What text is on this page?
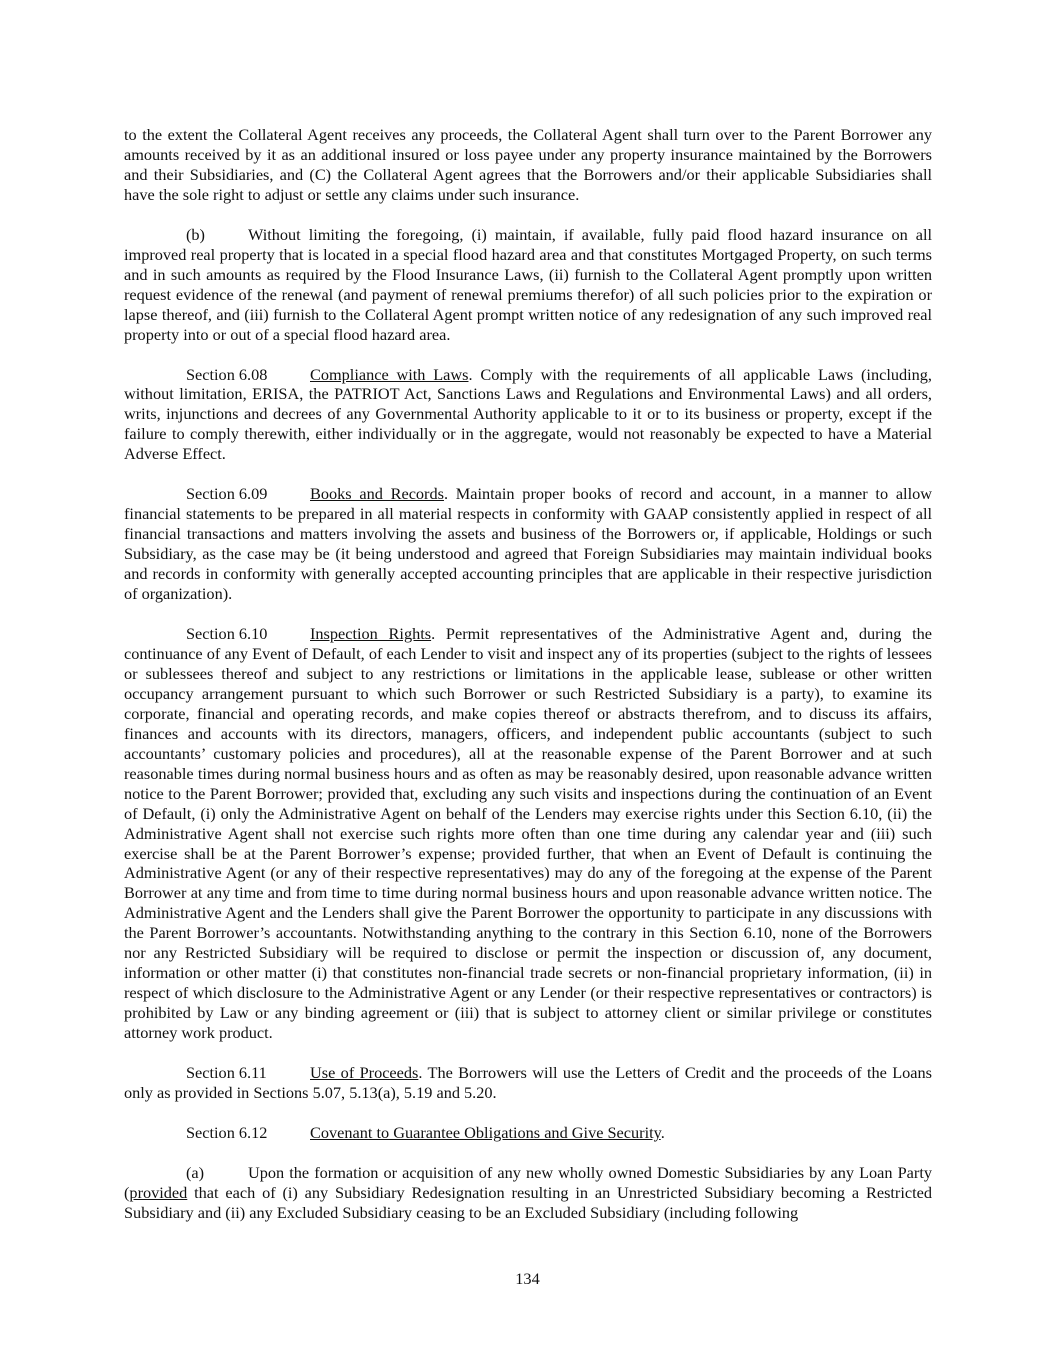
to the extent the Collateral Agent receives any proceeds, the Collateral Agent shall turn over to the Parent Borrower any amounts received by it as an additional insured or loss payee under any property insurance maintained by the Borrowers and their Subsidiaries, and (C) the Collateral Agent agrees that the Borrowers and/or their applicable Subsidiaries shall have the sole right to adjust or settle any claims under such insurance.

(b)	Without limiting the foregoing, (i) maintain, if available, fully paid flood hazard insurance on all improved real property that is located in a special flood hazard area and that constitutes Mortgaged Property, on such terms and in such amounts as required by the Flood Insurance Laws, (ii) furnish to the Collateral Agent promptly upon written request evidence of the renewal (and payment of renewal premiums therefor) of all such policies prior to the expiration or lapse thereof, and (iii) furnish to the Collateral Agent prompt written notice of any redesignation of any such improved real property into or out of a special flood hazard area.

Section 6.08	Compliance with Laws. Comply with the requirements of all applicable Laws (including, without limitation, ERISA, the PATRIOT Act, Sanctions Laws and Regulations and Environmental Laws) and all orders, writs, injunctions and decrees of any Governmental Authority applicable to it or to its business or property, except if the failure to comply therewith, either individually or in the aggregate, would not reasonably be expected to have a Material Adverse Effect.

Section 6.09	Books and Records. Maintain proper books of record and account, in a manner to allow financial statements to be prepared in all material respects in conformity with GAAP consistently applied in respect of all financial transactions and matters involving the assets and business of the Borrowers or, if applicable, Holdings or such Subsidiary, as the case may be (it being understood and agreed that Foreign Subsidiaries may maintain individual books and records in conformity with generally accepted accounting principles that are applicable in their respective jurisdiction of organization).

Section 6.10	Inspection Rights. Permit representatives of the Administrative Agent and, during the continuance of any Event of Default, of each Lender to visit and inspect any of its properties (subject to the rights of lessees or sublessees thereof and subject to any restrictions or limitations in the applicable lease, sublease or other written occupancy arrangement pursuant to which such Borrower or such Restricted Subsidiary is a party), to examine its corporate, financial and operating records, and make copies thereof or abstracts therefrom, and to discuss its affairs, finances and accounts with its directors, managers, officers, and independent public accountants (subject to such accountants’ customary policies and procedures), all at the reasonable expense of the Parent Borrower and at such reasonable times during normal business hours and as often as may be reasonably desired, upon reasonable advance written notice to the Parent Borrower; provided that, excluding any such visits and inspections during the continuation of an Event of Default, (i) only the Administrative Agent on behalf of the Lenders may exercise rights under this Section 6.10, (ii) the Administrative Agent shall not exercise such rights more often than one time during any calendar year and (iii) such exercise shall be at the Parent Borrower’s expense; provided further, that when an Event of Default is continuing the Administrative Agent (or any of their respective representatives) may do any of the foregoing at the expense of the Parent Borrower at any time and from time to time during normal business hours and upon reasonable advance written notice. The Administrative Agent and the Lenders shall give the Parent Borrower the opportunity to participate in any discussions with the Parent Borrower’s accountants. Notwithstanding anything to the contrary in this Section 6.10, none of the Borrowers nor any Restricted Subsidiary will be required to disclose or permit the inspection or discussion of, any document, information or other matter (i) that constitutes non-financial trade secrets or non-financial proprietary information, (ii) in respect of which disclosure to the Administrative Agent or any Lender (or their respective representatives or contractors) is prohibited by Law or any binding agreement or (iii) that is subject to attorney client or similar privilege or constitutes attorney work product.

Section 6.11	Use of Proceeds. The Borrowers will use the Letters of Credit and the proceeds of the Loans only as provided in Sections 5.07, 5.13(a), 5.19 and 5.20.

Section 6.12	Covenant to Guarantee Obligations and Give Security.

(a)	Upon the formation or acquisition of any new wholly owned Domestic Subsidiaries by any Loan Party (provided that each of (i) any Subsidiary Redesignation resulting in an Unrestricted Subsidiary becoming a Restricted Subsidiary and (ii) any Excluded Subsidiary ceasing to be an Excluded Subsidiary (including following

134
